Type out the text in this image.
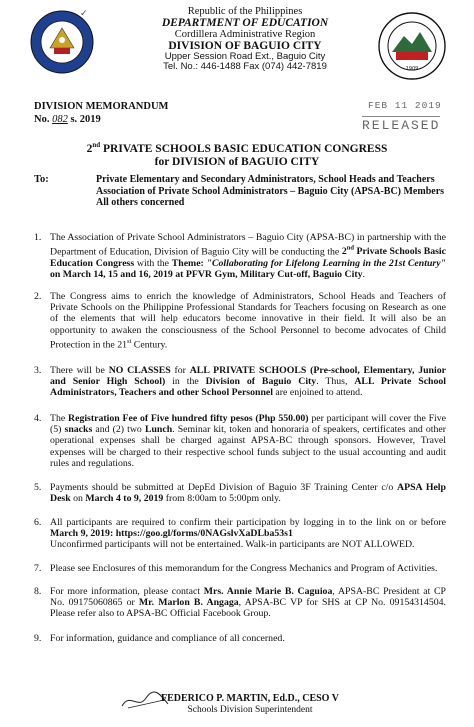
✓
1909
Republic of the Philippines
DEPARTMENT OF EDUCATION
Cordillera Administrative Region
DIVISION OF BAGUIO CITY
Upper Session Road Ext., Baguio City
Tel. No.: 446-1488 Fax (074) 442-7819
FEB 11 2019
RELEASED
DIVISION MEMORANDUM
No. 082 s. 2019
2nd PRIVATE SCHOOLS BASIC EDUCATION CONGRESS
for DIVISION of BAGUIO CITY
To:	Private Elementary and Secondary Administrators, School Heads and Teachers
Association of Private School Administrators – Baguio City (APSA-BC) Members
All others concerned
1. The Association of Private School Administrators – Baguio City (APSA-BC) in partnership with the Department of Education, Division of Baguio City will be conducting the 2nd Private Schools Basic Education Congress with the Theme: "Collaborating for Lifelong Learning in the 21st Century" on March 14, 15 and 16, 2019 at PFVR Gym, Military Cut-off, Baguio City.
2. The Congress aims to enrich the knowledge of Administrators, School Heads and Teachers of Private Schools on the Philippine Professional Standards for Teachers focusing on Research as one of the elements that will help educators become innovative in their field. It will also be an opportunity to awaken the consciousness of the School Personnel to become advocates of Child Protection in the 21st Century.
3. There will be NO CLASSES for ALL PRIVATE SCHOOLS (Pre-school, Elementary, Junior and Senior High School) in the Division of Baguio City. Thus, ALL Private School Administrators, Teachers and other School Personnel are enjoined to attend.
4. The Registration Fee of Five hundred fifty pesos (Php 550.00) per participant will cover the Five (5) snacks and (2) two Lunch. Seminar kit, token and honoraria of speakers, certificates and other operational expenses shall be charged against APSA-BC through sponsors. However, Travel expenses will be charged to their respective school funds subject to the usual accounting and audit rules and regulations.
5. Payments should be submitted at DepEd Division of Baguio 3F Training Center c/o APSA Help Desk on March 4 to 9, 2019 from 8:00am to 5:00pm only.
6. All participants are required to confirm their participation by logging in to the link on or before March 9, 2019: https://goo.gl/forms/0NAGslvXaDLba53s1
Unconfirmed participants will not be entertained. Walk-in participants are NOT ALLOWED.
7. Please see Enclosures of this memorandum for the Congress Mechanics and Program of Activities.
8. For more information, please contact Mrs. Annie Marie B. Caguioa, APSA-BC President at CP No. 09175060865 or Mr. Marlon B. Angaga, APSA-BC VP for SHS at CP No. 09154314504. Please refer also to APSA-BC Official Facebook Group.
9. For information, guidance and compliance of all concerned.
FEDERICO P. MARTIN, Ed.D., CESO V
Schools Division Superintendent
